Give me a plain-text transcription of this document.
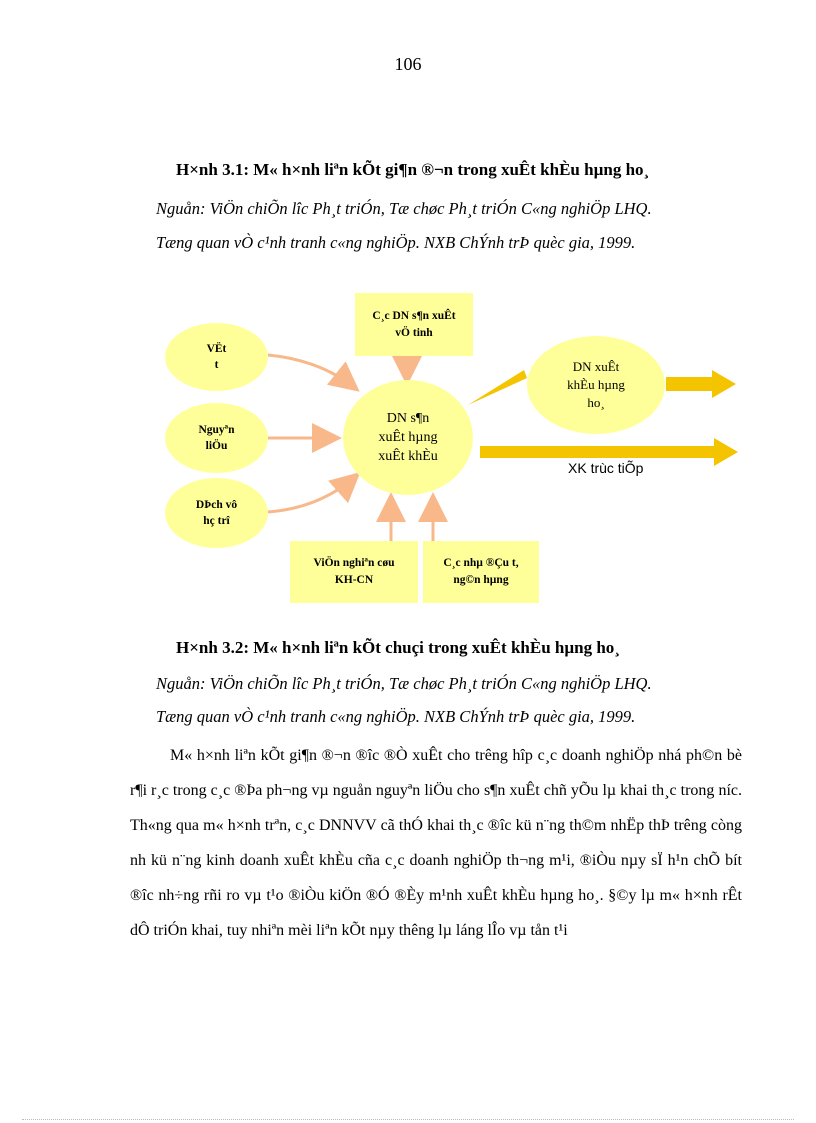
106
H×nh 3.1: M« h×nh liªn kÕt gi¶n ®¬n trong xuÊt khÈu hµng ho¸
Nguån: ViÖn chiÕn lîc Ph¸t triÓn, Tæ chøc Ph¸t triÓn C«ng nghiÖp LHQ.
Tæng quan vÒ c¹nh tranh c«ng nghiÖp. NXB ChÝnh trÞ quèc gia, 1999.
VËt t
Nguyªn liÖu
DÞch vô hç trî
C¸c DN s¶n xuÊt vÖ tinh
DN s¶n xuÊt hµng xuÊt khÈu
DN xuÊt khÈu hµng ho¸
ViÖn nghiªn cøu KH-CN
C¸c nhµ ®Çu t, ng©n hµng
XK trùc tiÕp
H×nh 3.2: M« h×nh liªn kÕt chuçi trong xuÊt khÈu hµng ho¸
Nguån: ViÖn chiÕn lîc Ph¸t triÓn, Tæ chøc Ph¸t triÓn C«ng nghiÖp LHQ.
Tæng quan vÒ c¹nh tranh c«ng nghiÖp. NXB ChÝnh trÞ quèc gia, 1999.

M« h×nh liªn kÕt gi¶n ®¬n ®îc ®Ò xuÊt cho trêng hîp c¸c doanh nghiÖp nhá ph©n bè r¶i r¸c trong c¸c ®Þa ph¬ng vµ nguån nguyªn liÖu cho s¶n xuÊt chñ yÕu lµ khai th¸c trong níc. Th«ng qua m« h×nh trªn, c¸c DNNVV cã thÓ khai th¸c ®îc kü n¨ng th©m nhËp thÞ trêng còng nh kü n¨ng kinh doanh xuÊt khÈu cña c¸c doanh nghiÖp th¬ng m¹i, ®iÒu nµy sÏ h¹n chÕ bít ®îc nh÷ng rñi ro vµ t¹o ®iÒu kiÖn ®Ó ®Èy m¹nh xuÊt khÈu hµng ho¸. §©y lµ m« h×nh rÊt dÔ triÓn khai, tuy nhiªn mèi liªn kÕt nµy thêng lµ láng lÎo vµ tån t¹i
